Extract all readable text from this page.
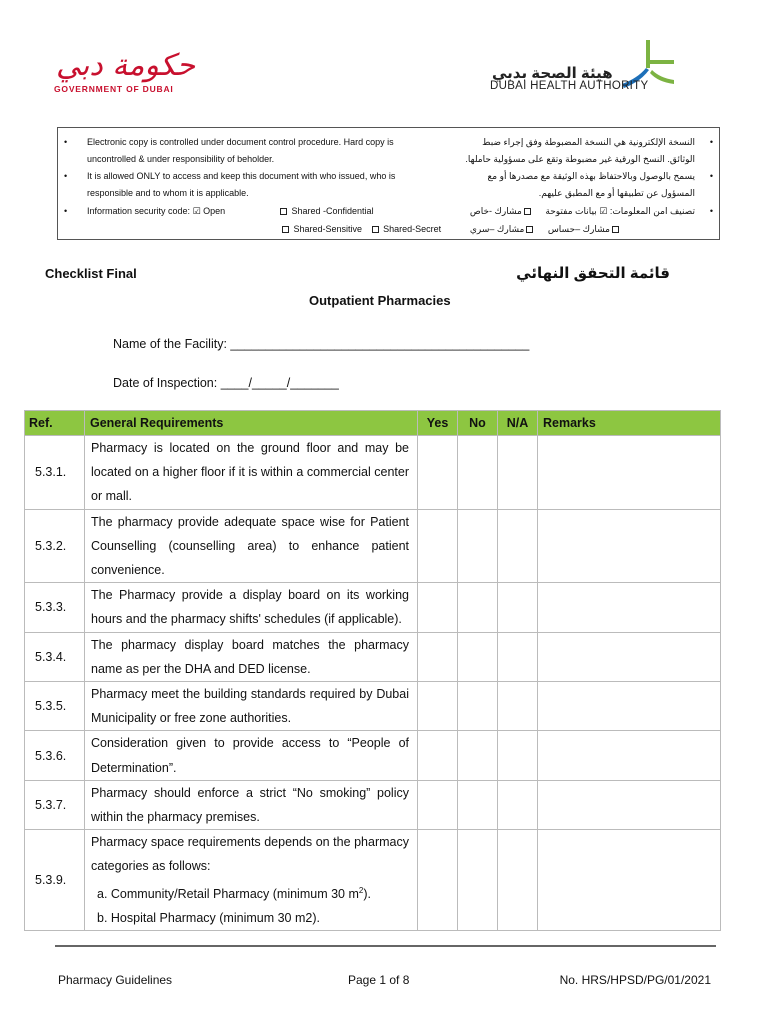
حكومة دبي
GOVERNMENT OF DUBAI
هيئة الصحة بدبي
DUBAI HEALTH AUTHORITY
• Electronic copy is controlled under document control procedure. Hard copy is
uncontrolled & under responsibility of beholder.
• It is allowed ONLY to access and keep this document with who issued, who is
responsible and to whom it is applicable.
• Information security code: ☑ Open	Shared -Confidential
Shared-Sensitive Shared-Secret
•
النسخة الإلكترونية هي النسخة المضبوطة وفق إجراء ضبط
الوثائق. النسخ الورقية غير مضبوطة وتقع على مسؤولية حاملها.
•
يسمح بالوصول وبالاحتفاظ بهذه الوثيقة مع مصدرها أو مع
المسؤول عن تطبيقها أو مع المطبق عليهم.
•
تصنيف امن المعلومات: ☑ بيانات مفتوحة     مشارك -خاص
مشارك –حساس     مشارك –سري
Checklist Final	قائمة التحقق النهائي
Outpatient Pharmacies
Name of the Facility: ___________________________________________
Date of Inspection: ____/_____/_______
Ref.	General Requirements	Yes	No	N/A	Remarks
5.3.1.	Pharmacy is located on the ground floor and may be located on a higher floor if it is within a commercial center or mall.				

5.3.2.	The pharmacy provide adequate space wise for Patient Counselling (counselling area) to enhance patient convenience.				

5.3.3.	The Pharmacy provide a display board on its working hours and the pharmacy shifts' schedules (if applicable).				

5.3.4.	The pharmacy display board matches the pharmacy name as per the DHA and DED license.				

5.3.5.	Pharmacy meet the building standards required by Dubai Municipality or free zone authorities.				

5.3.6.	Consideration given to provide access to “People of Determination”.				

5.3.7.	Pharmacy should enforce a strict “No smoking” policy within the pharmacy premises.				

5.3.9.	Pharmacy space requirements depends on the pharmacy categories as follows:
a. Community/Retail Pharmacy (minimum 30 $m^2$).
b. Hospital Pharmacy (minimum 30 m2).				

Pharmacy Guidelines	Page 1 of 8	No. HRS/HPSD/PG/01/2021
